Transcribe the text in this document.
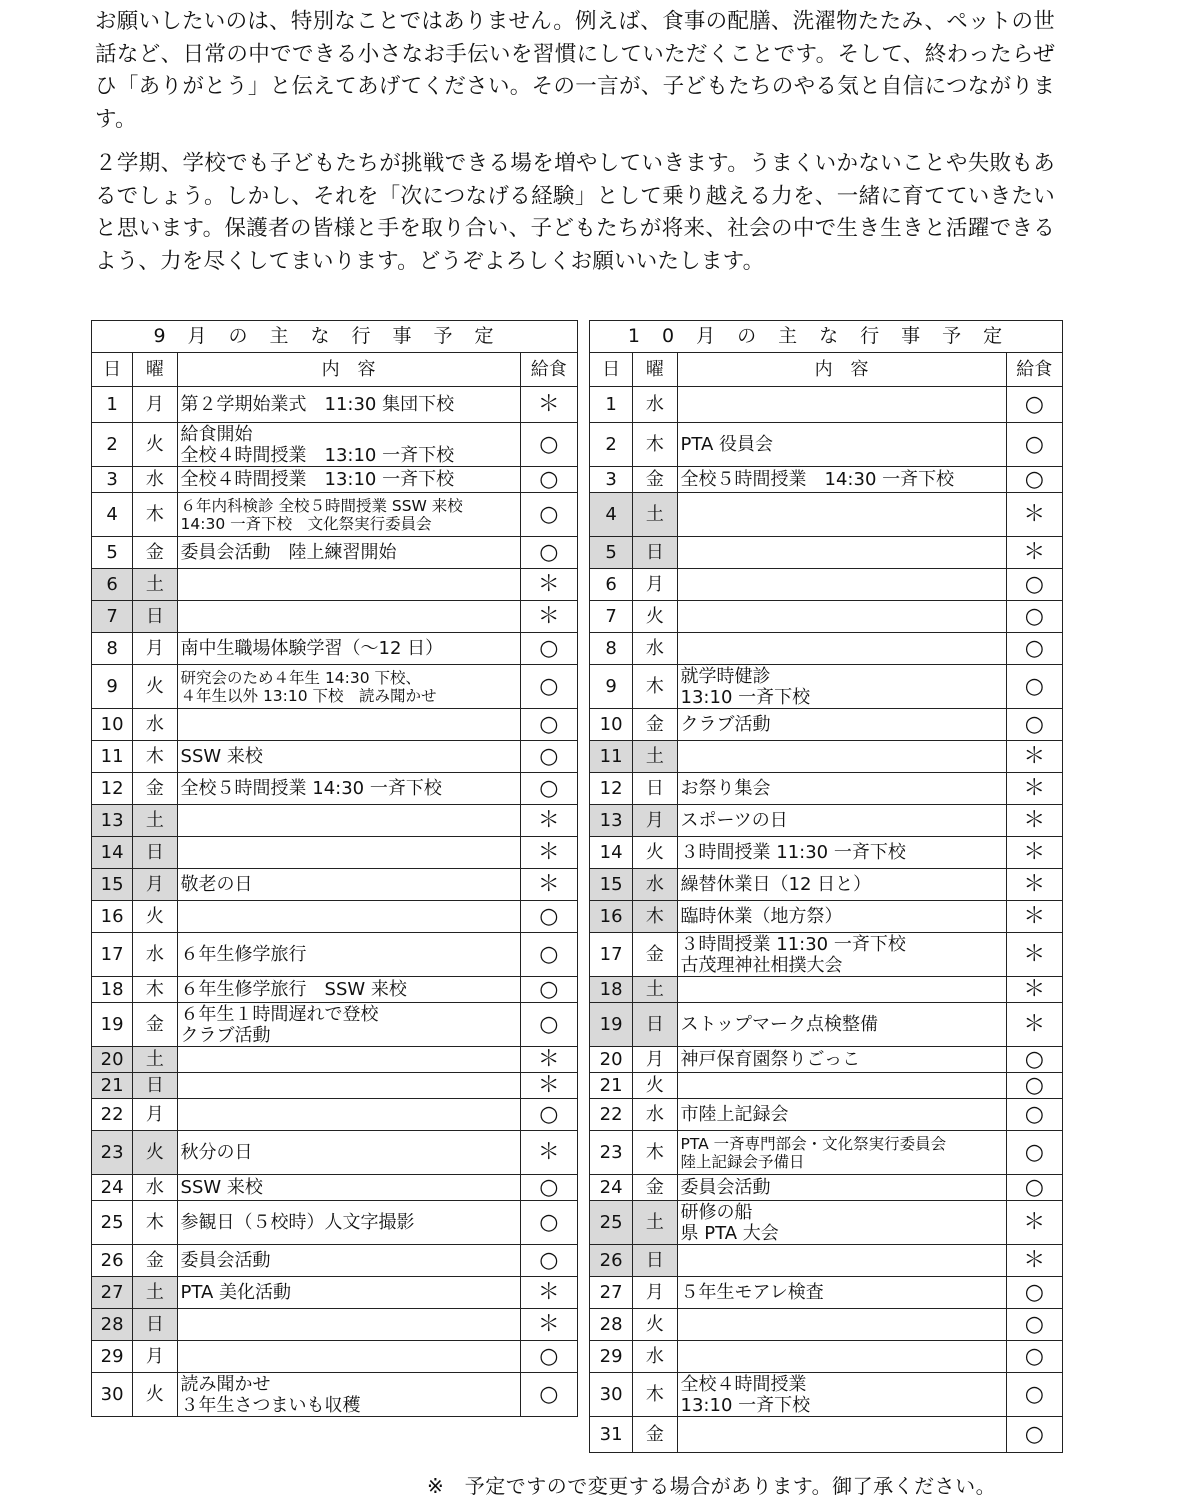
お願いしたいのは、特別なことではありません。例えば、食事の配膳、洗濯物たたみ、ペットの世話など、日常の中でできる小さなお手伝いを習慣にしていただくことです。そして、終わったらぜひ「ありがとう」と伝えてあげてください。その一言が、子どもたちのやる気と自信につながります。

２学期、学校でも子どもたちが挑戦できる場を増やしていきます。うまくいかないことや失敗もあるでしょう。しかし、それを「次につなげる経験」として乗り越える力を、一緒に育てていきたいと思います。保護者の皆様と手を取り合い、子どもたちが将来、社会の中で生き生きと活躍できるよう、力を尽くしてまいります。どうぞよろしくお願いいたします。

9月の主な行事予定			
日	曜	内　容	給食
1	月	第２学期始業式　11:30 集団下校	＊
2	火	給食開始
全校４時間授業　13:10 一斉下校	○
3	水	全校４時間授業　13:10 一斉下校	○
4	木	６年内科検診 全校５時間授業 SSW 来校
14:30 一斉下校　文化祭実行委員会	○
5	金	委員会活動　陸上練習開始	○
6	土		＊
7	日		＊
8	月	南中生職場体験学習（～12 日）	○
9	火	研究会のため４年生 14:30 下校、
４年生以外 13:10 下校　読み聞かせ	○
10	水		○
11	木	SSW 来校	○
12	金	全校５時間授業 14:30 一斉下校	○
13	土		＊
14	日		＊
15	月	敬老の日	＊
16	火		○
17	水	６年生修学旅行	○
18	木	６年生修学旅行　SSW 来校	○
19	金	６年生１時間遅れで登校
クラブ活動	○
20	土		＊
21	日		＊
22	月		○
23	火	秋分の日	＊
24	水	SSW 来校	○
25	木	参観日（５校時）人文字撮影	○
26	金	委員会活動	○
27	土	PTA 美化活動	＊
28	日		＊
29	月		○
30	火	読み聞かせ
３年生さつまいも収穫	○
10月の主な行事予定			
日	曜	内　容	給食
1	水		○
2	木	PTA 役員会	○
3	金	全校５時間授業　14:30 一斉下校	○
4	土		＊
5	日		＊
6	月		○
7	火		○
8	水		○
9	木	就学時健診
13:10 一斉下校	○
10	金	クラブ活動	○
11	土		＊
12	日	お祭り集会	＊
13	月	スポーツの日	＊
14	火	３時間授業 11:30 一斉下校	＊
15	水	繰替休業日（12 日と）	＊
16	木	臨時休業（地方祭）	＊
17	金	３時間授業 11:30 一斉下校
古茂理神社相撲大会	＊
18	土		＊
19	日	ストップマーク点検整備	＊
20	月	神戸保育園祭りごっこ	○
21	火		○
22	水	市陸上記録会	○
23	木	PTA 一斉専門部会・文化祭実行委員会
陸上記録会予備日	○
24	金	委員会活動	○
25	土	研修の船
県 PTA 大会	＊
26	日		＊
27	月	５年生モアレ検査	○
28	火		○
29	水		○
30	木	全校４時間授業
13:10 一斉下校	○
31	金		○
※　予定ですので変更する場合があります。御了承ください。
